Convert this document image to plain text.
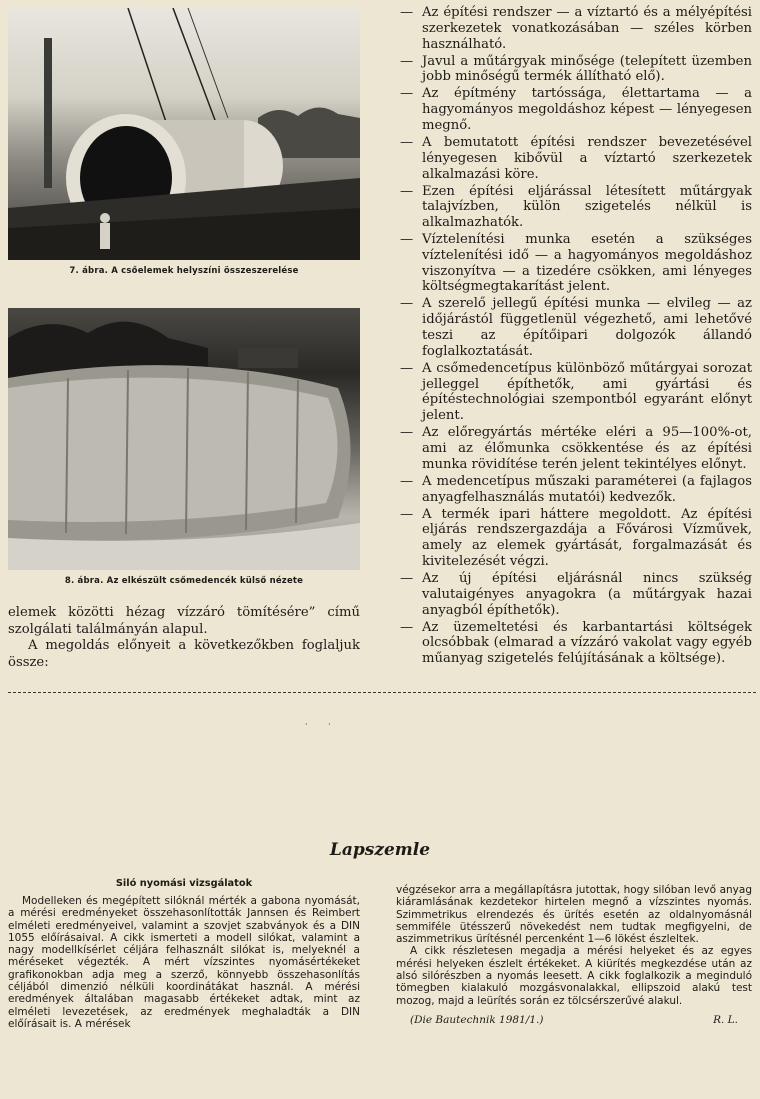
7. ábra. A csőelemek helyszíni összeszerelése
8. ábra. Az elkészült csőmedencék külső nézete

elemek közötti hézag vízzáró tömítésére” című szolgálati találmányán alapul.

A megoldás előnyeit a következőkben foglaljuk össze:

— Az építési rendszer — a víztartó és a mélyépítési szerkezetek vonatkozásában — széles körben használható.
— Javul a műtárgyak minősége (telepített üzemben jobb minőségű termék állítható elő).
— Az építmény tartóssága, élettartama — a hagyományos megoldáshoz képest — lényegesen megnő.
— A bemutatott építési rendszer bevezetésével lényegesen kibővül a víztartó szerkezetek alkalmazási köre.
— Ezen építési eljárással létesített műtárgyak talajvízben, külön szigetelés nélkül is alkalmazhatók.
— Víztelenítési munka esetén a szükséges víztelenítési idő — a hagyományos megoldáshoz viszonyítva — a tizedére csökken, ami lényeges költségmegtakarítást jelent.
— A szerelő jellegű építési munka — elvileg — az időjárástól függetlenül végezhető, ami lehetővé teszi az építőipari dolgozók állandó foglalkoztatását.
— A csőmedencetípus különböző műtárgyai sorozat jelleggel építhetők, ami gyártási és építéstechnológiai szempontból egyaránt előnyt jelent.
— Az előregyártás mértéke eléri a 95—100%-ot, ami az élőmunka csökkentése és az építési munka rövidítése terén jelent tekintélyes előnyt.
— A medencetípus műszaki paraméterei (a fajlagos anyagfelhasználás mutatói) kedvezők.
— A termék ipari háttere megoldott. Az építési eljárás rendszergazdája a Fővárosi Vízművek, amely az elemek gyártását, forgalmazását és kivitelezését végzi.
— Az új építési eljárásnál nincs szükség valutaigényes anyagokra (a műtárgyak hazai anyagból építhetők).
— Az üzemeltetési és karbantartási költségek olcsóbbak (elmarad a vízzáró vakolat vagy egyéb műanyag szigetelés felújításának a költsége).
· ·
Lapszemle
Siló nyomási vizsgálatok

Modelleken és megépített silóknál mérték a gabona nyomását, a mérési eredményeket összehasonlították Jannsen és Reimbert elméleti eredményeivel, valamint a szovjet szabványok és a DIN 1055 előírásaival. A cikk ismerteti a modell silókat, valamint a nagy modellkísérlet céljára felhasznált silókat is, melyeknél a méréseket végezték. A mért vízszintes nyomásértékeket grafikonokban adja meg a szerző, könnyebb összehasonlítás céljából dimenzió nélküli koordinátákat használ. A mérési eredmények általában magasabb értékeket adtak, mint az elméleti levezetések, az eredmények meghaladták a DIN előírásait is. A mérések

végzésekor arra a megállapításra jutottak, hogy silóban levő anyag kiáramlásának kezdetekor hirtelen megnő a vízszintes nyomás. Szimmetrikus elrendezés és ürítés esetén az oldalnyomásnál semmiféle ütésszerű növekedést nem tudtak megfigyelni, de aszimmetrikus ürítésnél percenként 1—6 lökést észleltek.

A cikk részletesen megadja a mérési helyeket és az egyes mérési helyeken észlelt értékeket. A kiürítés megkezdése után az alsó silórészben a nyomás leesett. A cikk foglalkozik a meginduló tömegben kialakuló mozgásvonalakkal, ellipszoid alakú test mozog, majd a leürítés során ez tölcsérszerűvé alakul.

(Die Bautechnik 1981/1.)	R. L.
